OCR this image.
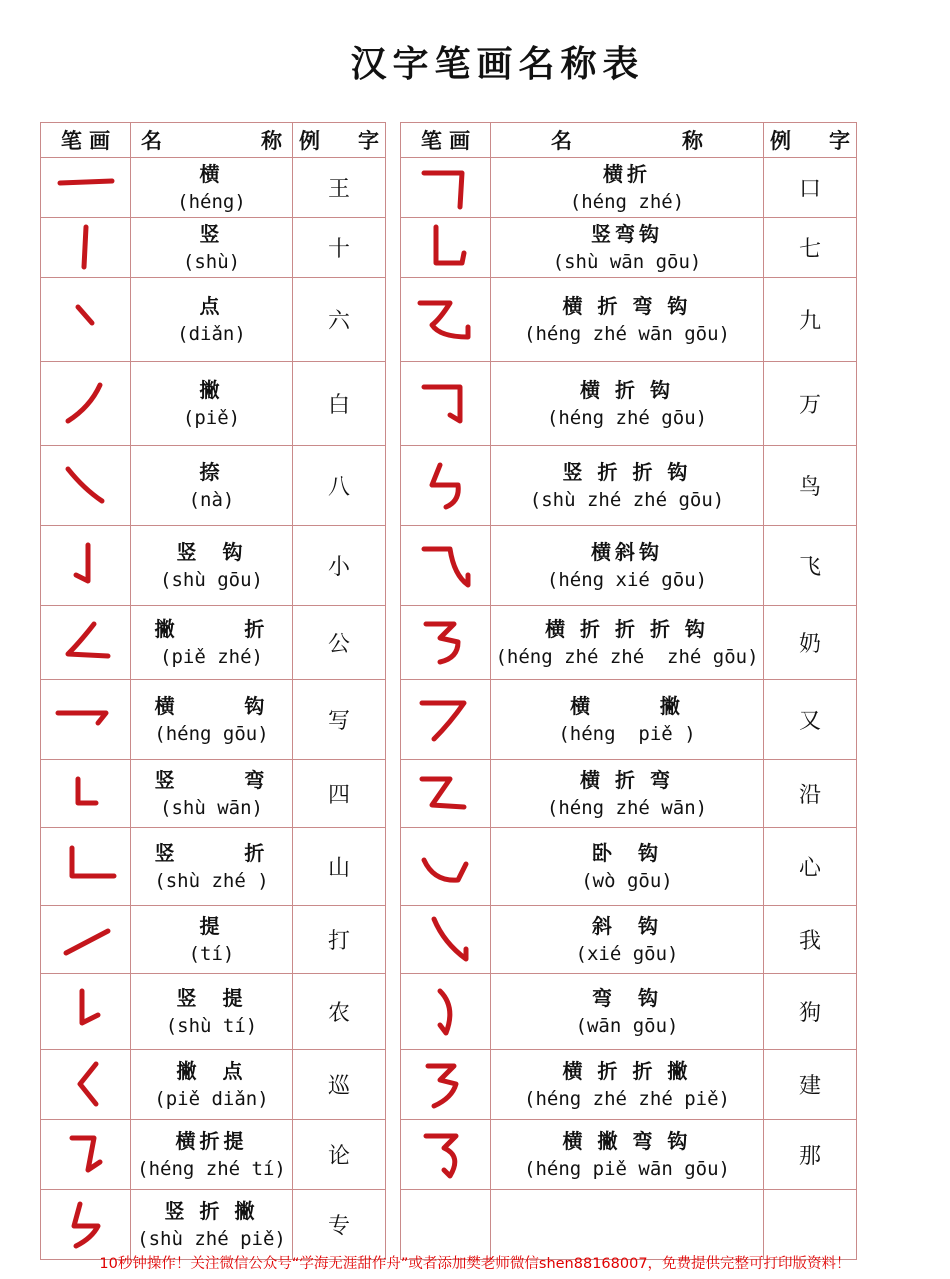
汉字笔画名称表
笔 画	名 称	例 字

横
(héng)	王

竖
(shù)	十

点
(diǎn)	六

撇
(piě)	白

捺
(nà)	八

竖  钩
(shù gōu)	小

撇      折
(piě zhé)	公

横      钩
(héng gōu)	写

竖      弯
(shù wān)	四

竖      折
(shù zhé )	山

提
(tí)	打

竖  提
(shù tí)	农

撇  点
(piě diǎn)	巡

横折提
(héng zhé tí)	论

竖 折 撇
(shù zhé piě)	专
笔 画	名 称	例 字

横折
(héng zhé)	口

竖弯钩
(shù wān gōu)	七

横 折 弯 钩
(héng zhé wān gōu)	九

横 折 钩
(héng zhé gōu)	万

竖 折 折 钩
(shù zhé zhé gōu)	鸟

横斜钩
(héng xié gōu)	飞

横 折 折 折 钩
(héng zhé zhé  zhé gōu)	奶

横      撇
(héng  piě )	又

横 折 弯
(héng zhé wān)	沿

卧  钩
(wò gōu)	心

斜  钩
(xié gōu)	我

弯  钩
(wān gōu)	狗

横 折 折 撇
(héng zhé zhé piě)	建

横 撇 弯 钩
(héng piě wān gōu)	那

10秒钟操作！关注微信公众号“学海无涯甜作舟”或者添加樊老师微信shen88168007，免费提供完整可打印版资料！
